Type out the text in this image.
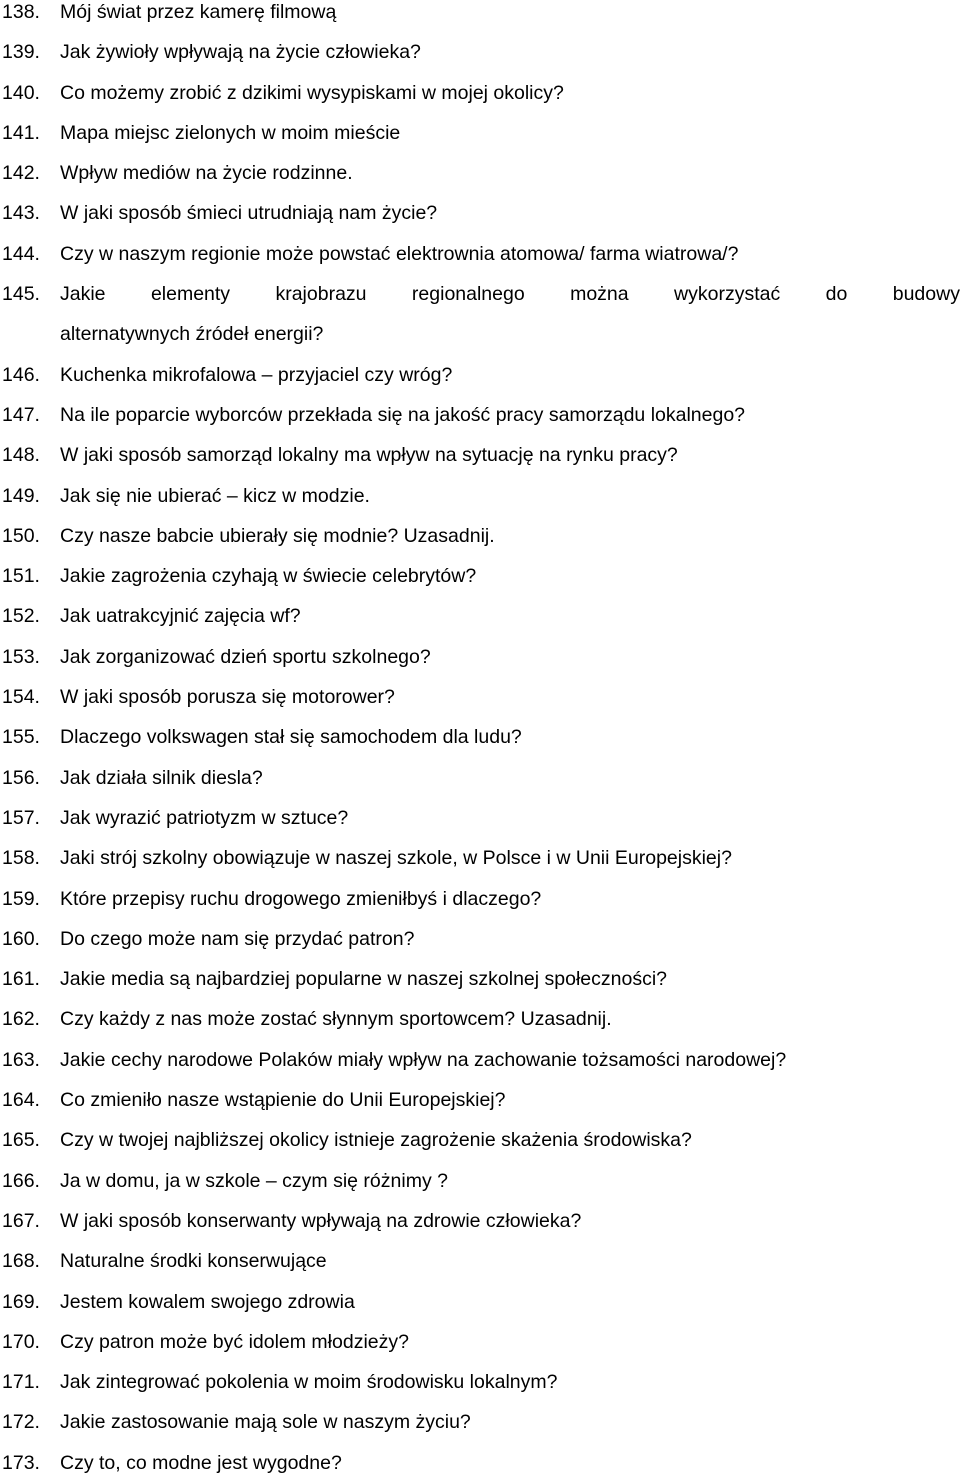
138.	Mój świat przez kamerę filmową
139.	Jak żywioły wpływają na życie człowieka?
140.	Co możemy zrobić z dzikimi wysypiskami w mojej okolicy?
141.	Mapa miejsc zielonych w moim mieście
142.	Wpływ mediów na życie rodzinne.
143.	W jaki sposób śmieci utrudniają nam życie?
144.	Czy w naszym regionie może powstać elektrownia atomowa/ farma wiatrowa/?
145.	Jakie elementy krajobrazu regionalnego można wykorzystać do budowy
alternatywnych źródeł energii?
146.	Kuchenka mikrofalowa – przyjaciel czy wróg?
147.	Na ile poparcie wyborców przekłada się na jakość pracy samorządu lokalnego?
148.	W jaki sposób samorząd lokalny ma wpływ na sytuację na rynku pracy?
149.	Jak się nie ubierać – kicz w modzie.
150.	Czy nasze babcie ubierały się modnie? Uzasadnij.
151.	Jakie zagrożenia czyhają w świecie celebrytów?
152.	Jak uatrakcyjnić zajęcia wf?
153.	Jak zorganizować dzień sportu szkolnego?
154.	W jaki sposób porusza się motorower?
155.	Dlaczego volkswagen stał się samochodem dla ludu?
156.	Jak działa silnik diesla?
157.	Jak wyrazić patriotyzm w sztuce?
158.	Jaki strój szkolny obowiązuje w naszej szkole, w Polsce i w Unii Europejskiej?
159.	Które przepisy ruchu drogowego zmieniłbyś i dlaczego?
160.	Do czego może nam się przydać patron?
161.	Jakie media są najbardziej popularne w naszej szkolnej społeczności?
162.	Czy każdy z nas może zostać słynnym sportowcem? Uzasadnij.
163.	Jakie cechy narodowe Polaków miały wpływ na zachowanie tożsamości narodowej?
164.	Co zmieniło nasze wstąpienie do Unii Europejskiej?
165.	Czy w twojej najbliższej okolicy istnieje zagrożenie skażenia środowiska?
166.	Ja w domu, ja w szkole – czym się różnimy ?
167.	W jaki sposób konserwanty wpływają na zdrowie człowieka?
168.	Naturalne środki konserwujące
169.	Jestem kowalem swojego zdrowia
170.	Czy patron może być idolem młodzieży?
171.	Jak zintegrować pokolenia w moim środowisku lokalnym?
172.	Jakie zastosowanie mają sole w naszym życiu?
173.	Czy to, co modne jest wygodne?
